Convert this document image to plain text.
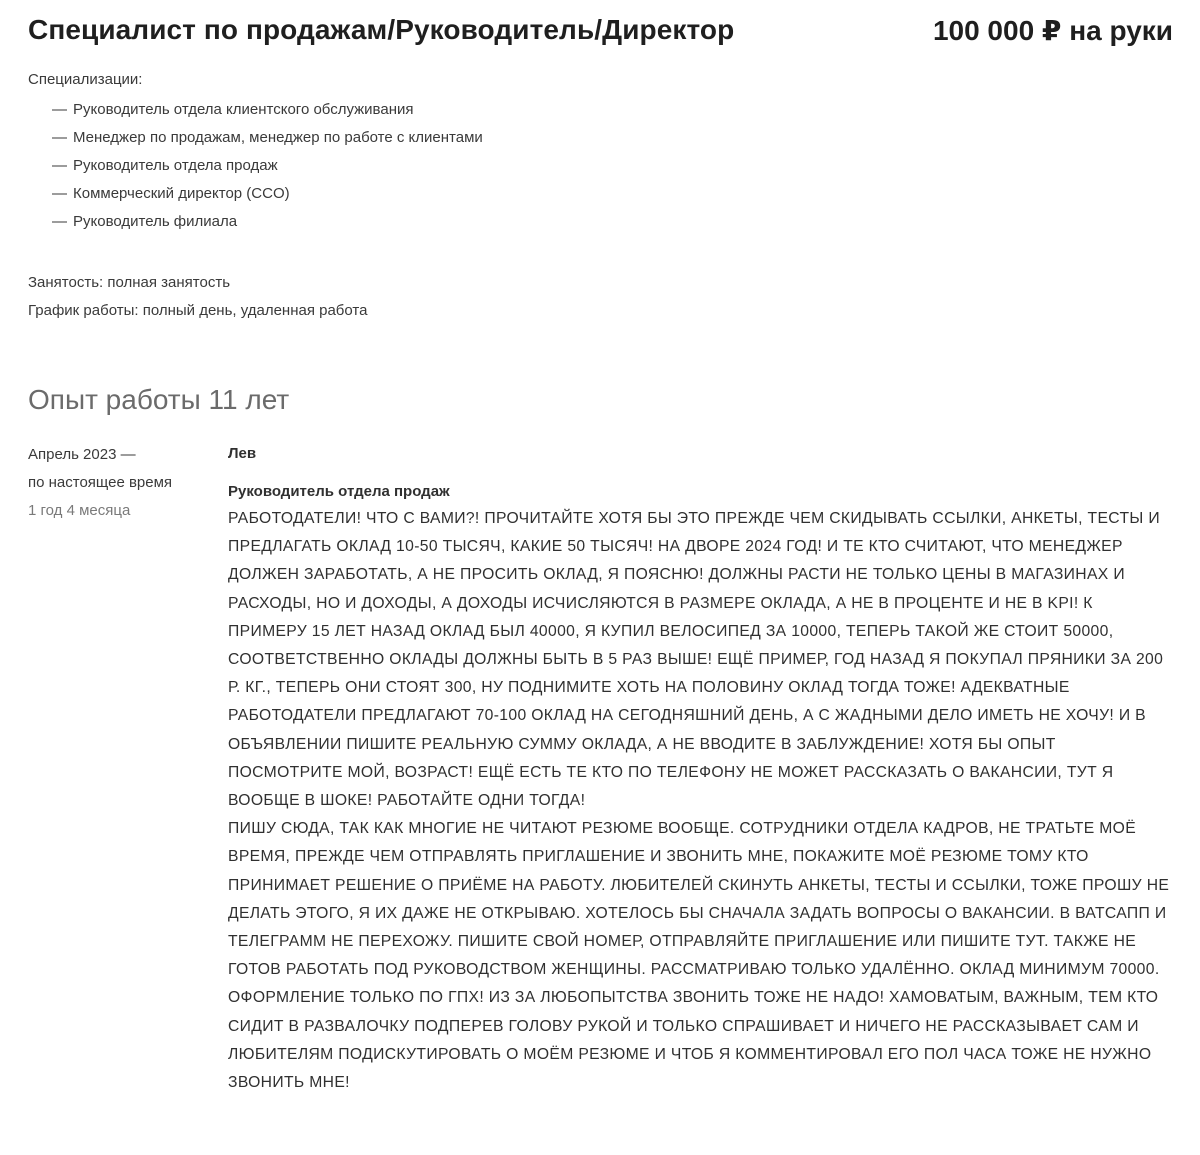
Специалист по продажам/Руководитель/Директор	100 000 ₽ на руки
Специализации:
— Руководитель отдела клиентского обслуживания
— Менеджер по продажам, менеджер по работе с клиентами
— Руководитель отдела продаж
— Коммерческий директор (CCO)
— Руководитель филиала
Занятость: полная занятость
График работы: полный день, удаленная работа
Опыт работы 11 лет
Апрель 2023 —
по настоящее время
1 год 4 месяца
Лев
Руководитель отдела продаж

РАБОТОДАТЕЛИ! ЧТО С ВАМИ?! ПРОЧИТАЙТЕ ХОТЯ БЫ ЭТО ПРЕЖДЕ ЧЕМ СКИДЫВАТЬ ССЫЛКИ, АНКЕТЫ, ТЕСТЫ И ПРЕДЛАГАТЬ ОКЛАД 10-50 ТЫСЯЧ, КАКИЕ 50 ТЫСЯЧ! НА ДВОРЕ 2024 ГОД! И ТЕ КТО СЧИТАЮТ, ЧТО МЕНЕДЖЕР ДОЛЖЕН ЗАРАБОТАТЬ, А НЕ ПРОСИТЬ ОКЛАД, Я ПОЯСНЮ! ДОЛЖНЫ РАСТИ НЕ ТОЛЬКО ЦЕНЫ В МАГАЗИНАХ И РАСХОДЫ, НО И ДОХОДЫ, А ДОХОДЫ ИСЧИСЛЯЮТСЯ В РАЗМЕРЕ ОКЛАДА, А НЕ В ПРОЦЕНТЕ И НЕ В KPI! К ПРИМЕРУ 15 ЛЕТ НАЗАД ОКЛАД БЫЛ 40000, Я КУПИЛ ВЕЛОСИПЕД ЗА 10000, ТЕПЕРЬ ТАКОЙ ЖЕ СТОИТ 50000, СООТВЕТСТВЕННО ОКЛАДЫ ДОЛЖНЫ БЫТЬ В 5 РАЗ ВЫШЕ! ЕЩЁ ПРИМЕР, ГОД НАЗАД Я ПОКУПАЛ ПРЯНИКИ ЗА 200 Р. КГ., ТЕПЕРЬ ОНИ СТОЯТ 300, НУ ПОДНИМИТЕ ХОТЬ НА ПОЛОВИНУ ОКЛАД ТОГДА ТОЖЕ! АДЕКВАТНЫЕ РАБОТОДАТЕЛИ ПРЕДЛАГАЮТ 70-100 ОКЛАД НА СЕГОДНЯШНИЙ ДЕНЬ, А С ЖАДНЫМИ ДЕЛО ИМЕТЬ НЕ ХОЧУ! И В ОБЪЯВЛЕНИИ ПИШИТЕ РЕАЛЬНУЮ СУММУ ОКЛАДА, А НЕ ВВОДИТЕ В ЗАБЛУЖДЕНИЕ! ХОТЯ БЫ ОПЫТ ПОСМОТРИТЕ МОЙ, ВОЗРАСТ! ЕЩЁ ЕСТЬ ТЕ КТО ПО ТЕЛЕФОНУ НЕ МОЖЕТ РАССКАЗАТЬ О ВАКАНСИИ, ТУТ Я ВООБЩЕ В ШОКЕ! РАБОТАЙТЕ ОДНИ ТОГДА!

ПИШУ СЮДА, ТАК КАК МНОГИЕ НЕ ЧИТАЮТ РЕЗЮМЕ ВООБЩЕ. СОТРУДНИКИ ОТДЕЛА КАДРОВ, НЕ ТРАТЬТЕ МОЁ ВРЕМЯ, ПРЕЖДЕ ЧЕМ ОТПРАВЛЯТЬ ПРИГЛАШЕНИЕ И ЗВОНИТЬ МНЕ, ПОКАЖИТЕ МОЁ РЕЗЮМЕ ТОМУ КТО ПРИНИМАЕТ РЕШЕНИЕ О ПРИЁМЕ НА РАБОТУ. ЛЮБИТЕЛЕЙ СКИНУТЬ АНКЕТЫ, ТЕСТЫ И ССЫЛКИ, ТОЖЕ ПРОШУ НЕ ДЕЛАТЬ ЭТОГО, Я ИХ ДАЖЕ НЕ ОТКРЫВАЮ. ХОТЕЛОСЬ БЫ СНАЧАЛА ЗАДАТЬ ВОПРОСЫ О ВАКАНСИИ. В ВАТСАПП И ТЕЛЕГРАММ НЕ ПЕРЕХОЖУ. ПИШИТЕ СВОЙ НОМЕР, ОТПРАВЛЯЙТЕ ПРИГЛАШЕНИЕ ИЛИ ПИШИТЕ ТУТ. ТАКЖЕ НЕ ГОТОВ РАБОТАТЬ ПОД РУКОВОДСТВОМ ЖЕНЩИНЫ. РАССМАТРИВАЮ ТОЛЬКО УДАЛЁННО. ОКЛАД МИНИМУМ 70000. ОФОРМЛЕНИЕ ТОЛЬКО ПО ГПХ! ИЗ ЗА ЛЮБОПЫТСТВА ЗВОНИТЬ ТОЖЕ НЕ НАДО! ХАМОВАТЫМ, ВАЖНЫМ, ТЕМ КТО СИДИТ В РАЗВАЛОЧКУ ПОДПЕРЕВ ГОЛОВУ РУКОЙ И ТОЛЬКО СПРАШИВАЕТ И НИЧЕГО НЕ РАССКАЗЫВАЕТ САМ И ЛЮБИТЕЛЯМ ПОДИСКУТИРОВАТЬ О МОЁМ РЕЗЮМЕ И ЧТОБ Я КОММЕНТИРОВАЛ ЕГО ПОЛ ЧАСА ТОЖЕ НЕ НУЖНО ЗВОНИТЬ МНЕ!
